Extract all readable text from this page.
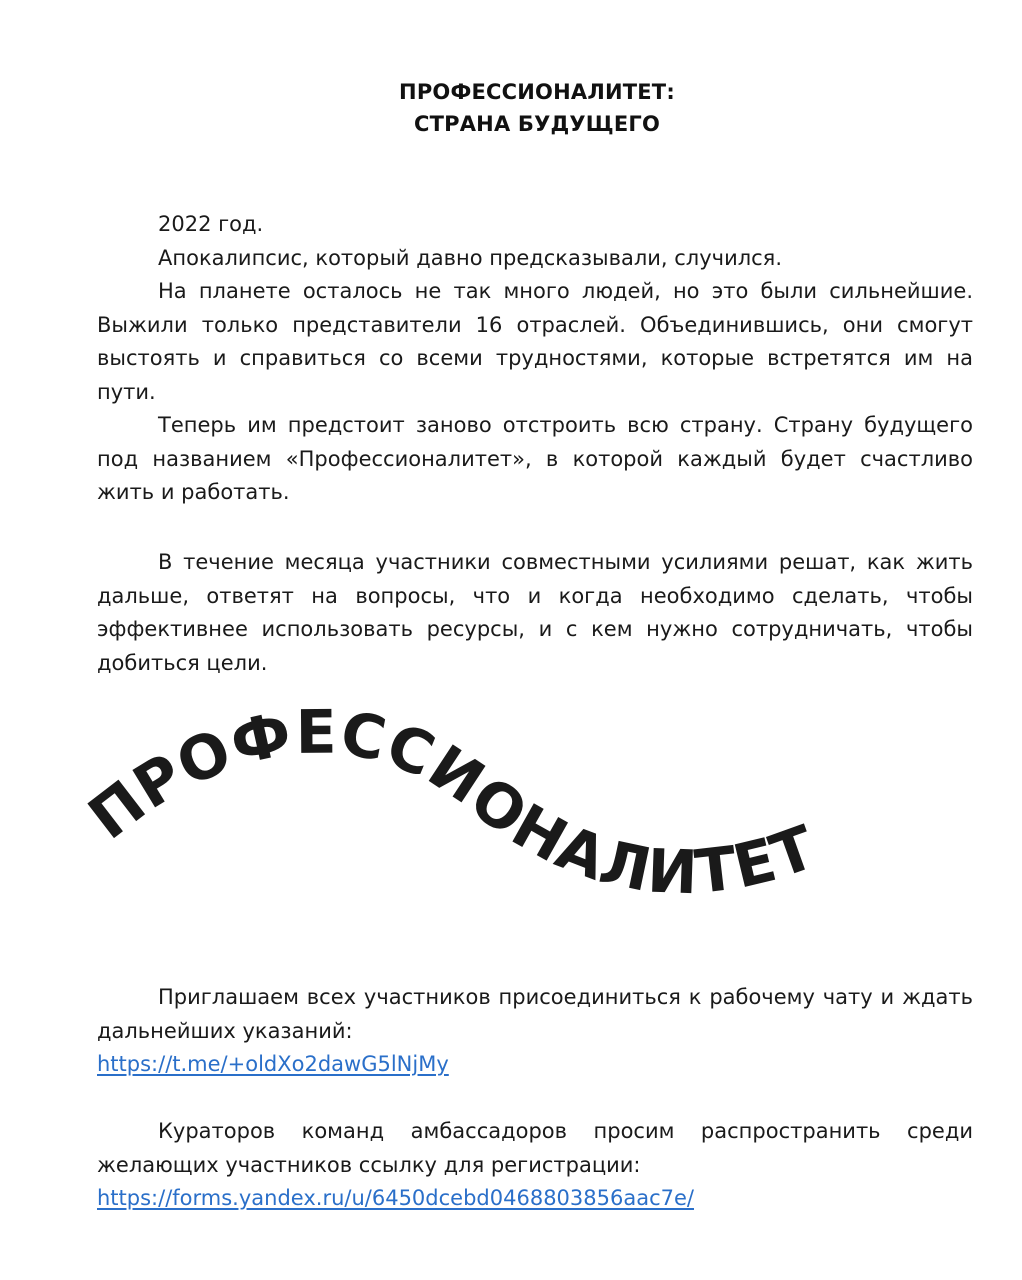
ПРОФЕССИОНАЛИТЕТ:
СТРАНА БУДУЩЕГО

2022 год.

Апокалипсис, который давно предсказывали, случился.

На планете осталось не так много людей, но это были сильнейшие. Выжили только представители 16 отраслей. Объединившись, они смогут выстоять и справиться со всеми трудностями, которые встретятся им на пути.

Теперь им предстоит заново отстроить всю страну. Страну будущего под названием «Профессионалитет», в которой каждый будет счастливо жить и работать.

В течение месяца участники совместными усилиями решат, как жить дальше, ответят на вопросы, что и когда необходимо сделать, чтобы эффективнее использовать ресурсы, и с кем нужно сотрудничать, чтобы добиться цели.

ПРОФЕССИОНАЛИТЕТ

Приглашаем всех участников присоединиться к рабочему чату и ждать дальнейших указаний:

https://t.me/+oldXo2dawG5lNjMy

Кураторов команд амбассадоров просим распространить среди желающих участников ссылку для регистрации:

https://forms.yandex.ru/u/6450dcebd0468803856aac7e/
